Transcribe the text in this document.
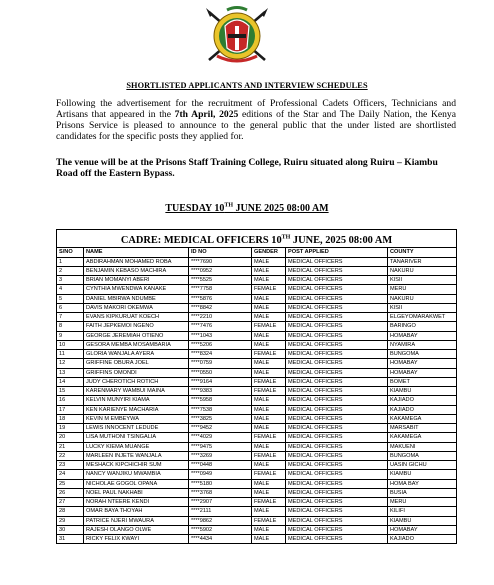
SHORTLISTED APPLICANTS AND INTERVIEW SCHEDULES
Following the advertisement for the recruitment of Professional Cadets Officers, Technicians and Artisans that appeared in the 7th April, 2025 editions of the Star and The Daily Nation, the Kenya Prisons Service is pleased to announce to the general public that the under listed are shortlisted candidates for the specific posts they applied for.
The venue will be at the Prisons Staff Training College, Ruiru situated along Ruiru – Kiambu Road off the Eastern Bypass.
TUESDAY 10TH JUNE 2025 08:00 AM
CADRE: MEDICAL OFFICERS 10TH JUNE, 2025 08:00 AM					
S/NO	NAME	ID NO	GENDER	POST APPLIED	COUNTY
1	ABDIRAHMAN MOHAMED ROBA	****7690	MALE	MEDICAL OFFICERS	TANARIVER
2	BENJAMIN KEBASO MACHIRA	****0952	MALE	MEDICAL OFFICERS	NAKURU
3	BRIAN MOMANYI ABERI	****5525	MALE	MEDICAL OFFICERS	KISII
4	CYNTHIA MWENDWA KANAKE	****7758	FEMALE	MEDICAL OFFICERS	MERU
5	DANIEL MBIRWA NDUMBE	****5876	MALE	MEDICAL OFFICERS	NAKURU
6	DAVIS MAKORI OKEMWA	****8842	MALE	MEDICAL OFFICERS	KISII
7	EVANS KIPKURUAT KOECH	****2210	MALE	MEDICAL OFFICERS	ELGEYOMARAKWET
8	FAITH JEPKEMOI NGENO	****7476	FEMALE	MEDICAL OFFICERS	BARINGO
9	GEORGE JEREMIAH OTIENO	****1043	MALE	MEDICAL OFFICERS	HOMABAY
10	GESORA MEMBA MOSAMBARIA	****5206	MALE	MEDICAL OFFICERS	NYAMIRA
11	GLORIA WANJALA AYERA	****8324	FEMALE	MEDICAL OFFICERS	BUNGOMA
12	GRIFFINE OBURA JOEL	****0759	MALE	MEDICAL OFFICERS	HOMABAY
13	GRIFFINS OMONDI	****0550	MALE	MEDICAL OFFICERS	HOMABAY
14	JUDY CHEROTICH ROTICH	****9164	FEMALE	MEDICAL OFFICERS	BOMET
15	KARENMARY WAMBUI MAINA	****9383	FEMALE	MEDICAL OFFICERS	KIAMBU
16	KELVIN MUNYIRI KIAMA	****5958	MALE	MEDICAL OFFICERS	KAJIADO
17	KEN KARIENYE MACHARIA	****7538	MALE	MEDICAL OFFICERS	KAJIADO
18	KEVIN M EMBEYWA	****3825	MALE	MEDICAL OFFICERS	KAKAMEGA
19	LEWIS INNOCENT LEDUDE	****9452	MALE	MEDICAL OFFICERS	MARSABIT
20	LISA MUTHONI TSINGALIA	****4029	FEMALE	MEDICAL OFFICERS	KAKAMEGA
21	LUCKY KIEMA MUANGE	****9475	MALE	MEDICAL OFFICERS	MAKUENI
22	MARLEEN INJETE WANJALA	****3269	FEMALE	MEDICAL OFFICERS	BUNGOMA
23	MESHACK KIPCHICHIR SUM	****0448	MALE	MEDICAL OFFICERS	UASIN GICHU
24	NANCY WANJIKU MWAMBIA	****0949	FEMALE	MEDICAL OFFICERS	KIAMBU
25	NICHOLAE GOGOL OPANA	****5180	MALE	MEDICAL OFFICERS	HOMA BAY
26	NOEL PAUL NAKHABI	****3768	MALE	MEDICAL OFFICERS	BUSIA
27	NORAH NTEERE KENDI	****2907	FEMALE	MEDICAL OFFICERS	MERU
28	OMAR BAYA THOYAH	****2111	MALE	MEDICAL OFFICERS	KILIFI
29	PATRICE NJERI MWAURA	****9862	FEMALE	MEDICAL OFFICERS	KIAMBU
30	RAJESH OLANGO OLWE	****5902	MALE	MEDICAL OFFICERS	HOMABAY
31	RICKY FELIX KWAYI	****4434	MALE	MEDICAL OFFICERS	KAJIADO
